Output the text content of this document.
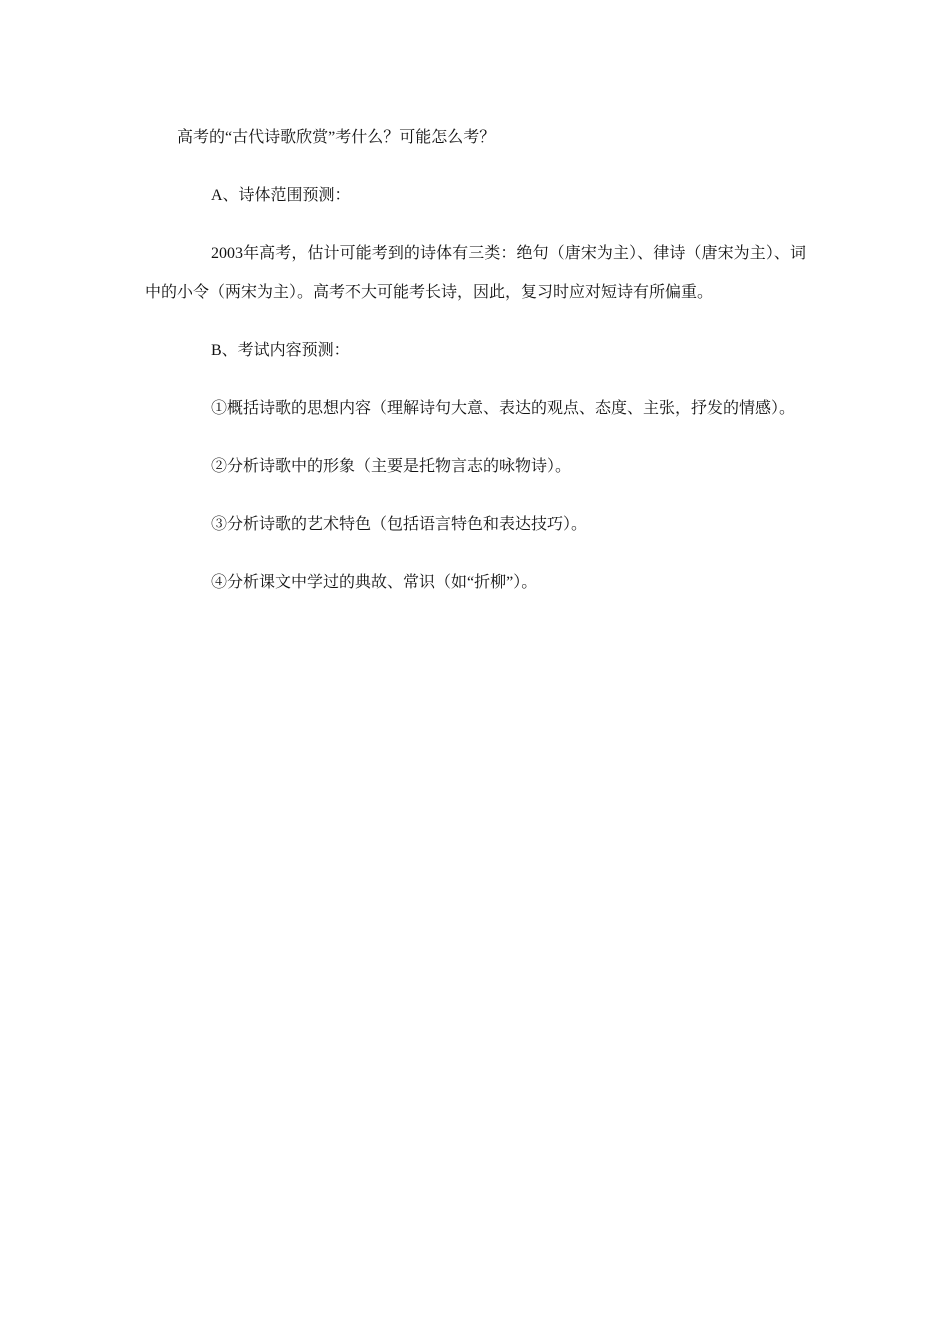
高考的“古代诗歌欣赏”考什么？可能怎么考？

A、诗体范围预测：

2003年高考，估计可能考到的诗体有三类：绝句（唐宋为主）、律诗（唐宋为主）、词中的小令（两宋为主）。高考不大可能考长诗，因此，复习时应对短诗有所偏重。

B、考试内容预测：

①概括诗歌的思想内容（理解诗句大意、表达的观点、态度、主张，抒发的情感）。

②分析诗歌中的形象（主要是托物言志的咏物诗）。

③分析诗歌的艺术特色（包括语言特色和表达技巧）。

④分析课文中学过的典故、常识（如“折柳”）。
